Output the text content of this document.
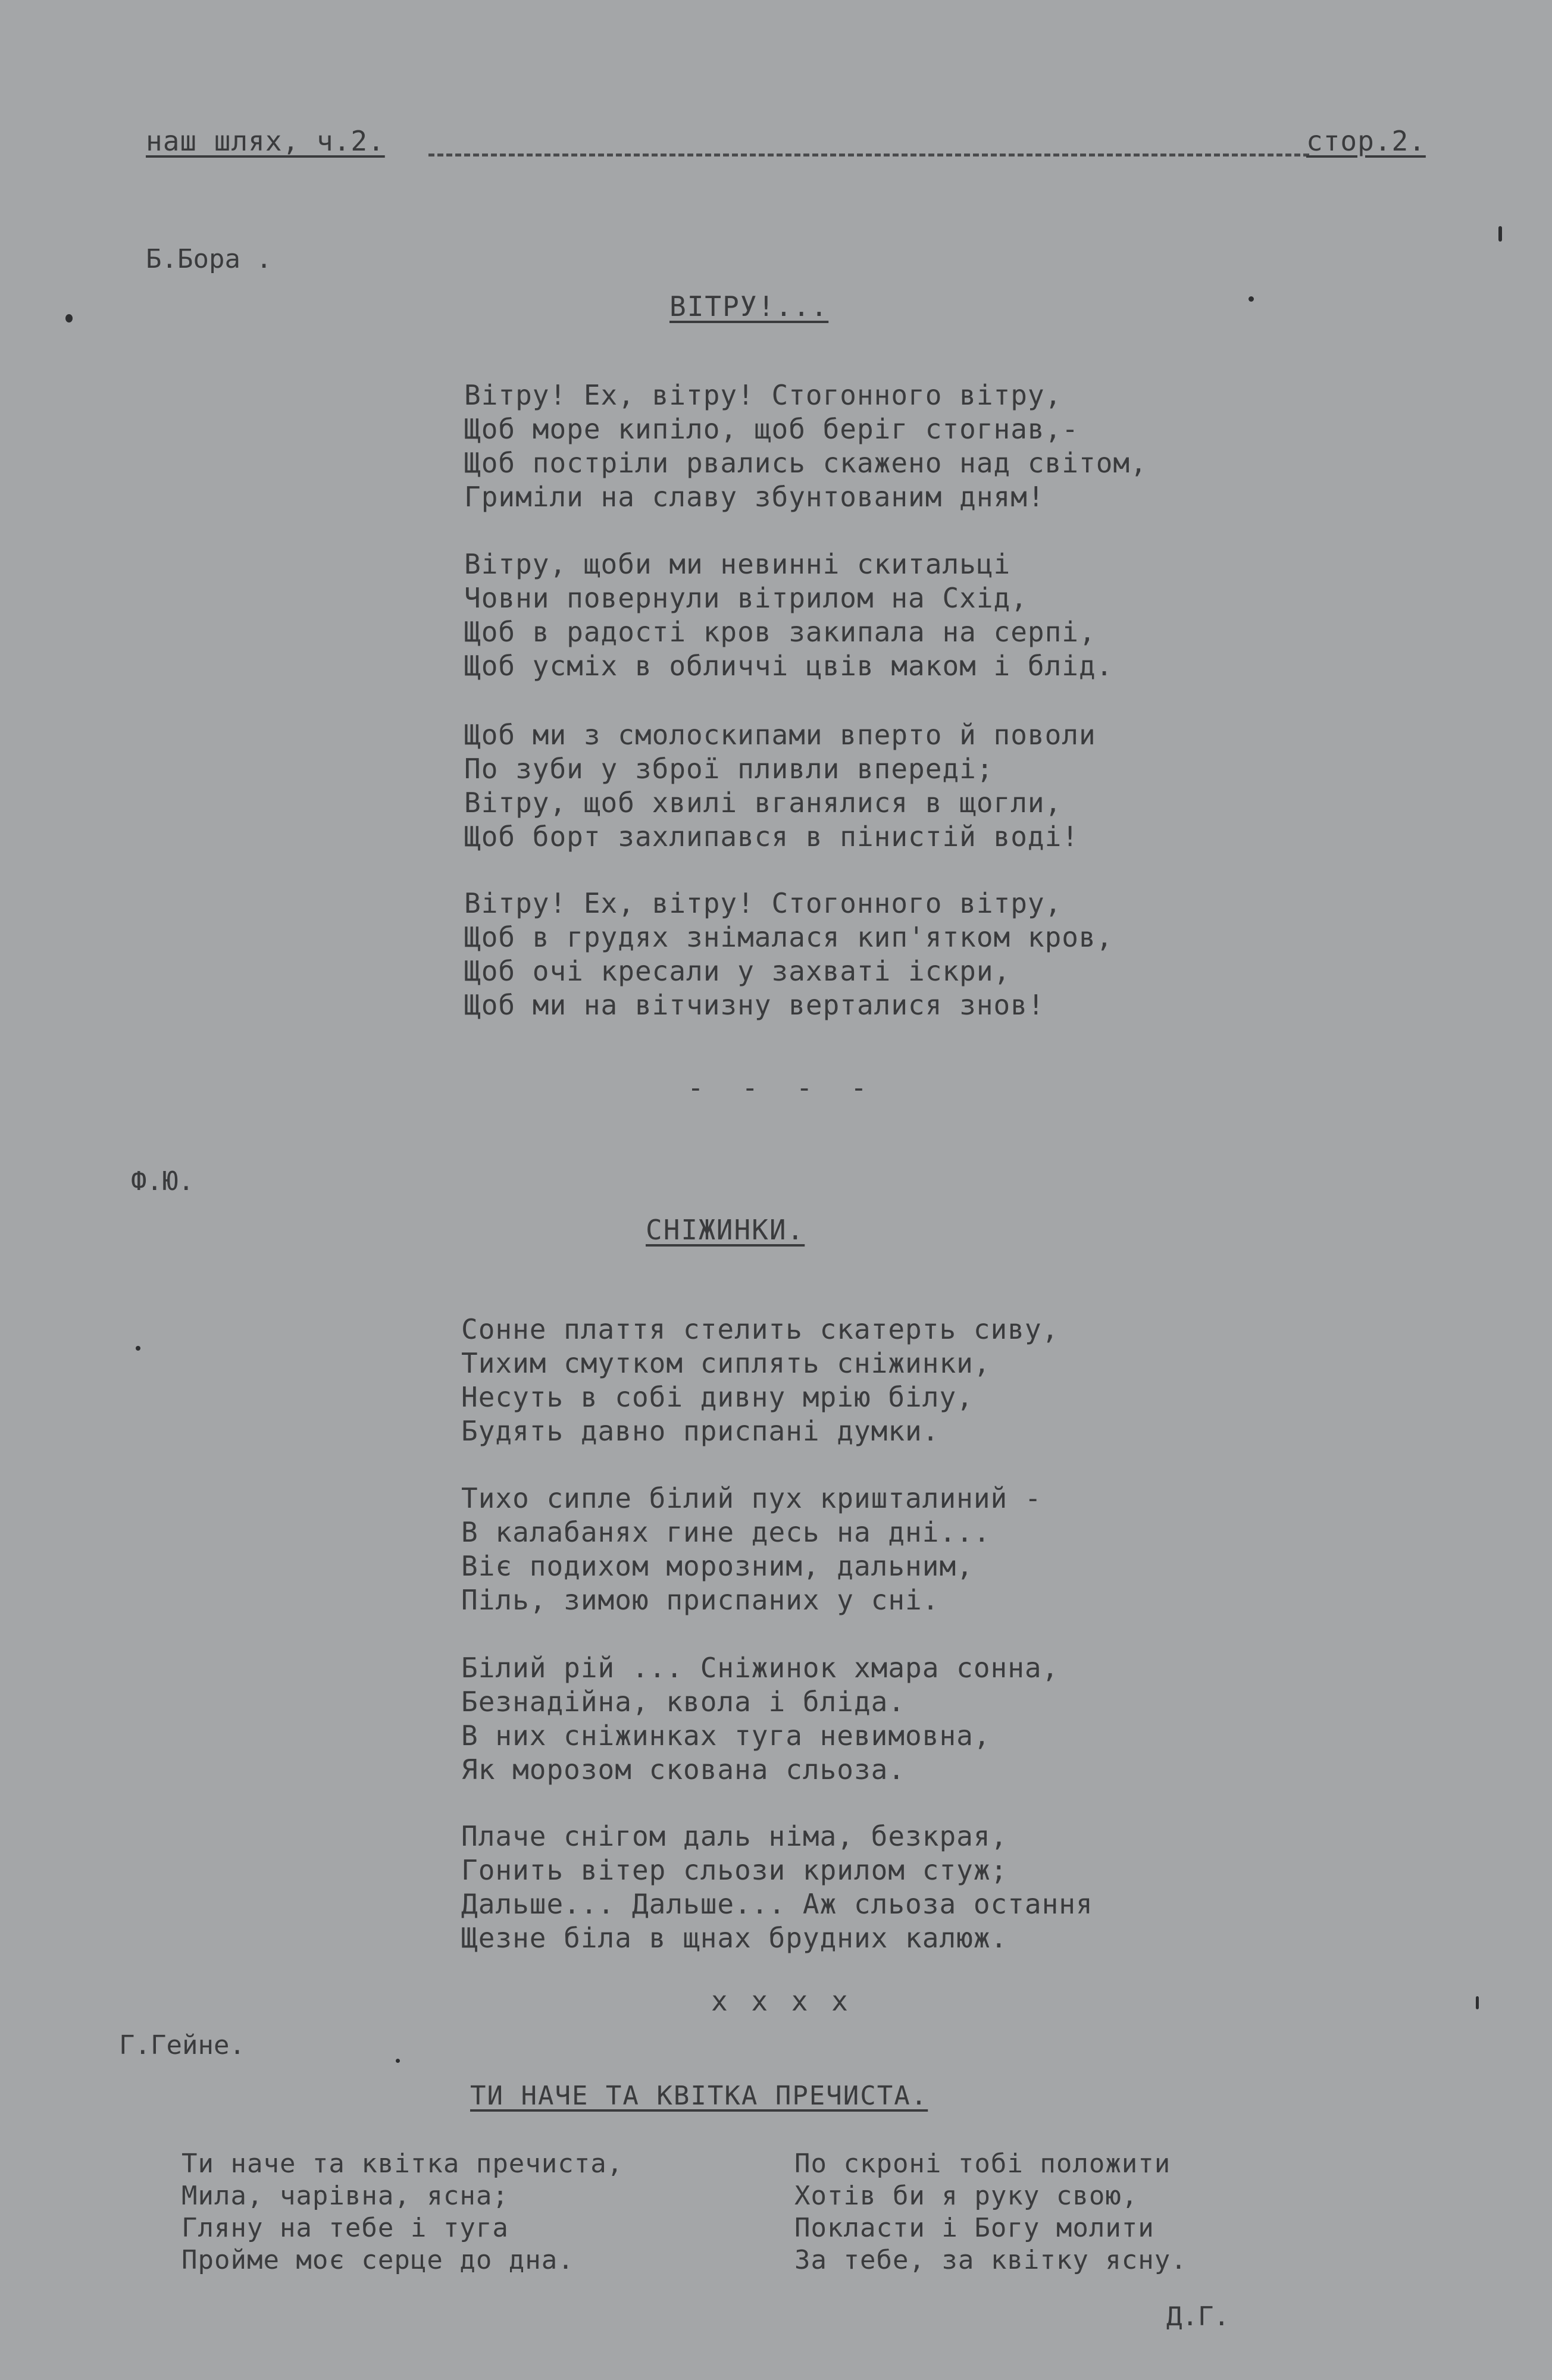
наш шлях, ч.2.	стор.2.
Б.Бора .
ВІТРУ!...
Вітру! Ех, вітру! Стогонного вітру,
Щоб море кипіло, щоб беріг стогнав,-
Щоб постріли рвались скажено над світом,
Гриміли на славу збунтованим дням!
Вітру, щоби ми невинні скитальці
Човни повернули вітрилом на Схід,
Щоб в радості кров закипала на серпі,
Щоб усміх в обличчі цвів маком і блід.
Щоб ми з смолоскипами вперто й поволи
По зуби у зброї пливли впереді;
Вітру, щоб хвилі вганялися в щогли,
Щоб борт захлипався в пінистій воді!
Вітру! Ех, вітру! Стогонного вітру,
Щоб в грудях знімалася кип'ятком кров,
Щоб очі кресали у захваті іскри,
Щоб ми на вітчизну верталися знов!
- - - -
Ф.Ю.
СНІЖИНКИ.
Сонне плаття стелить скатерть сиву,
Тихим смутком сиплять сніжинки,
Несуть в собі дивну мрію білу,
Будять давно приспані думки.
Тихо сипле білий пух кришталиний -
В калабанях гине десь на дні...
Віє подихом морозним, дальним,
Піль, зимою приспаних у сні.
Білий рій ... Сніжинок хмара сонна,
Безнадійна, квола і бліда.
В них сніжинках туга невимовна,
Як морозом скована сльоза.
Плаче снігом даль німа, безкрая,
Гонить вітер сльози крилом стуж;
Дальше... Дальше... Аж сльоза остання
Щезне біла в щнах брудних калюж.
x x x x
Г.Гейне.
ТИ НАЧЕ ТА КВІТКА ПРЕЧИСТА.
Ти наче та квітка пречиста,
Мила, чарівна, ясна;
Гляну на тебе і туга
Пройме моє серце до дна.
По скроні тобі положити
Хотів би я руку свою,
Покласти і Богу молити
За тебе, за квітку ясну.
Д.Г.
